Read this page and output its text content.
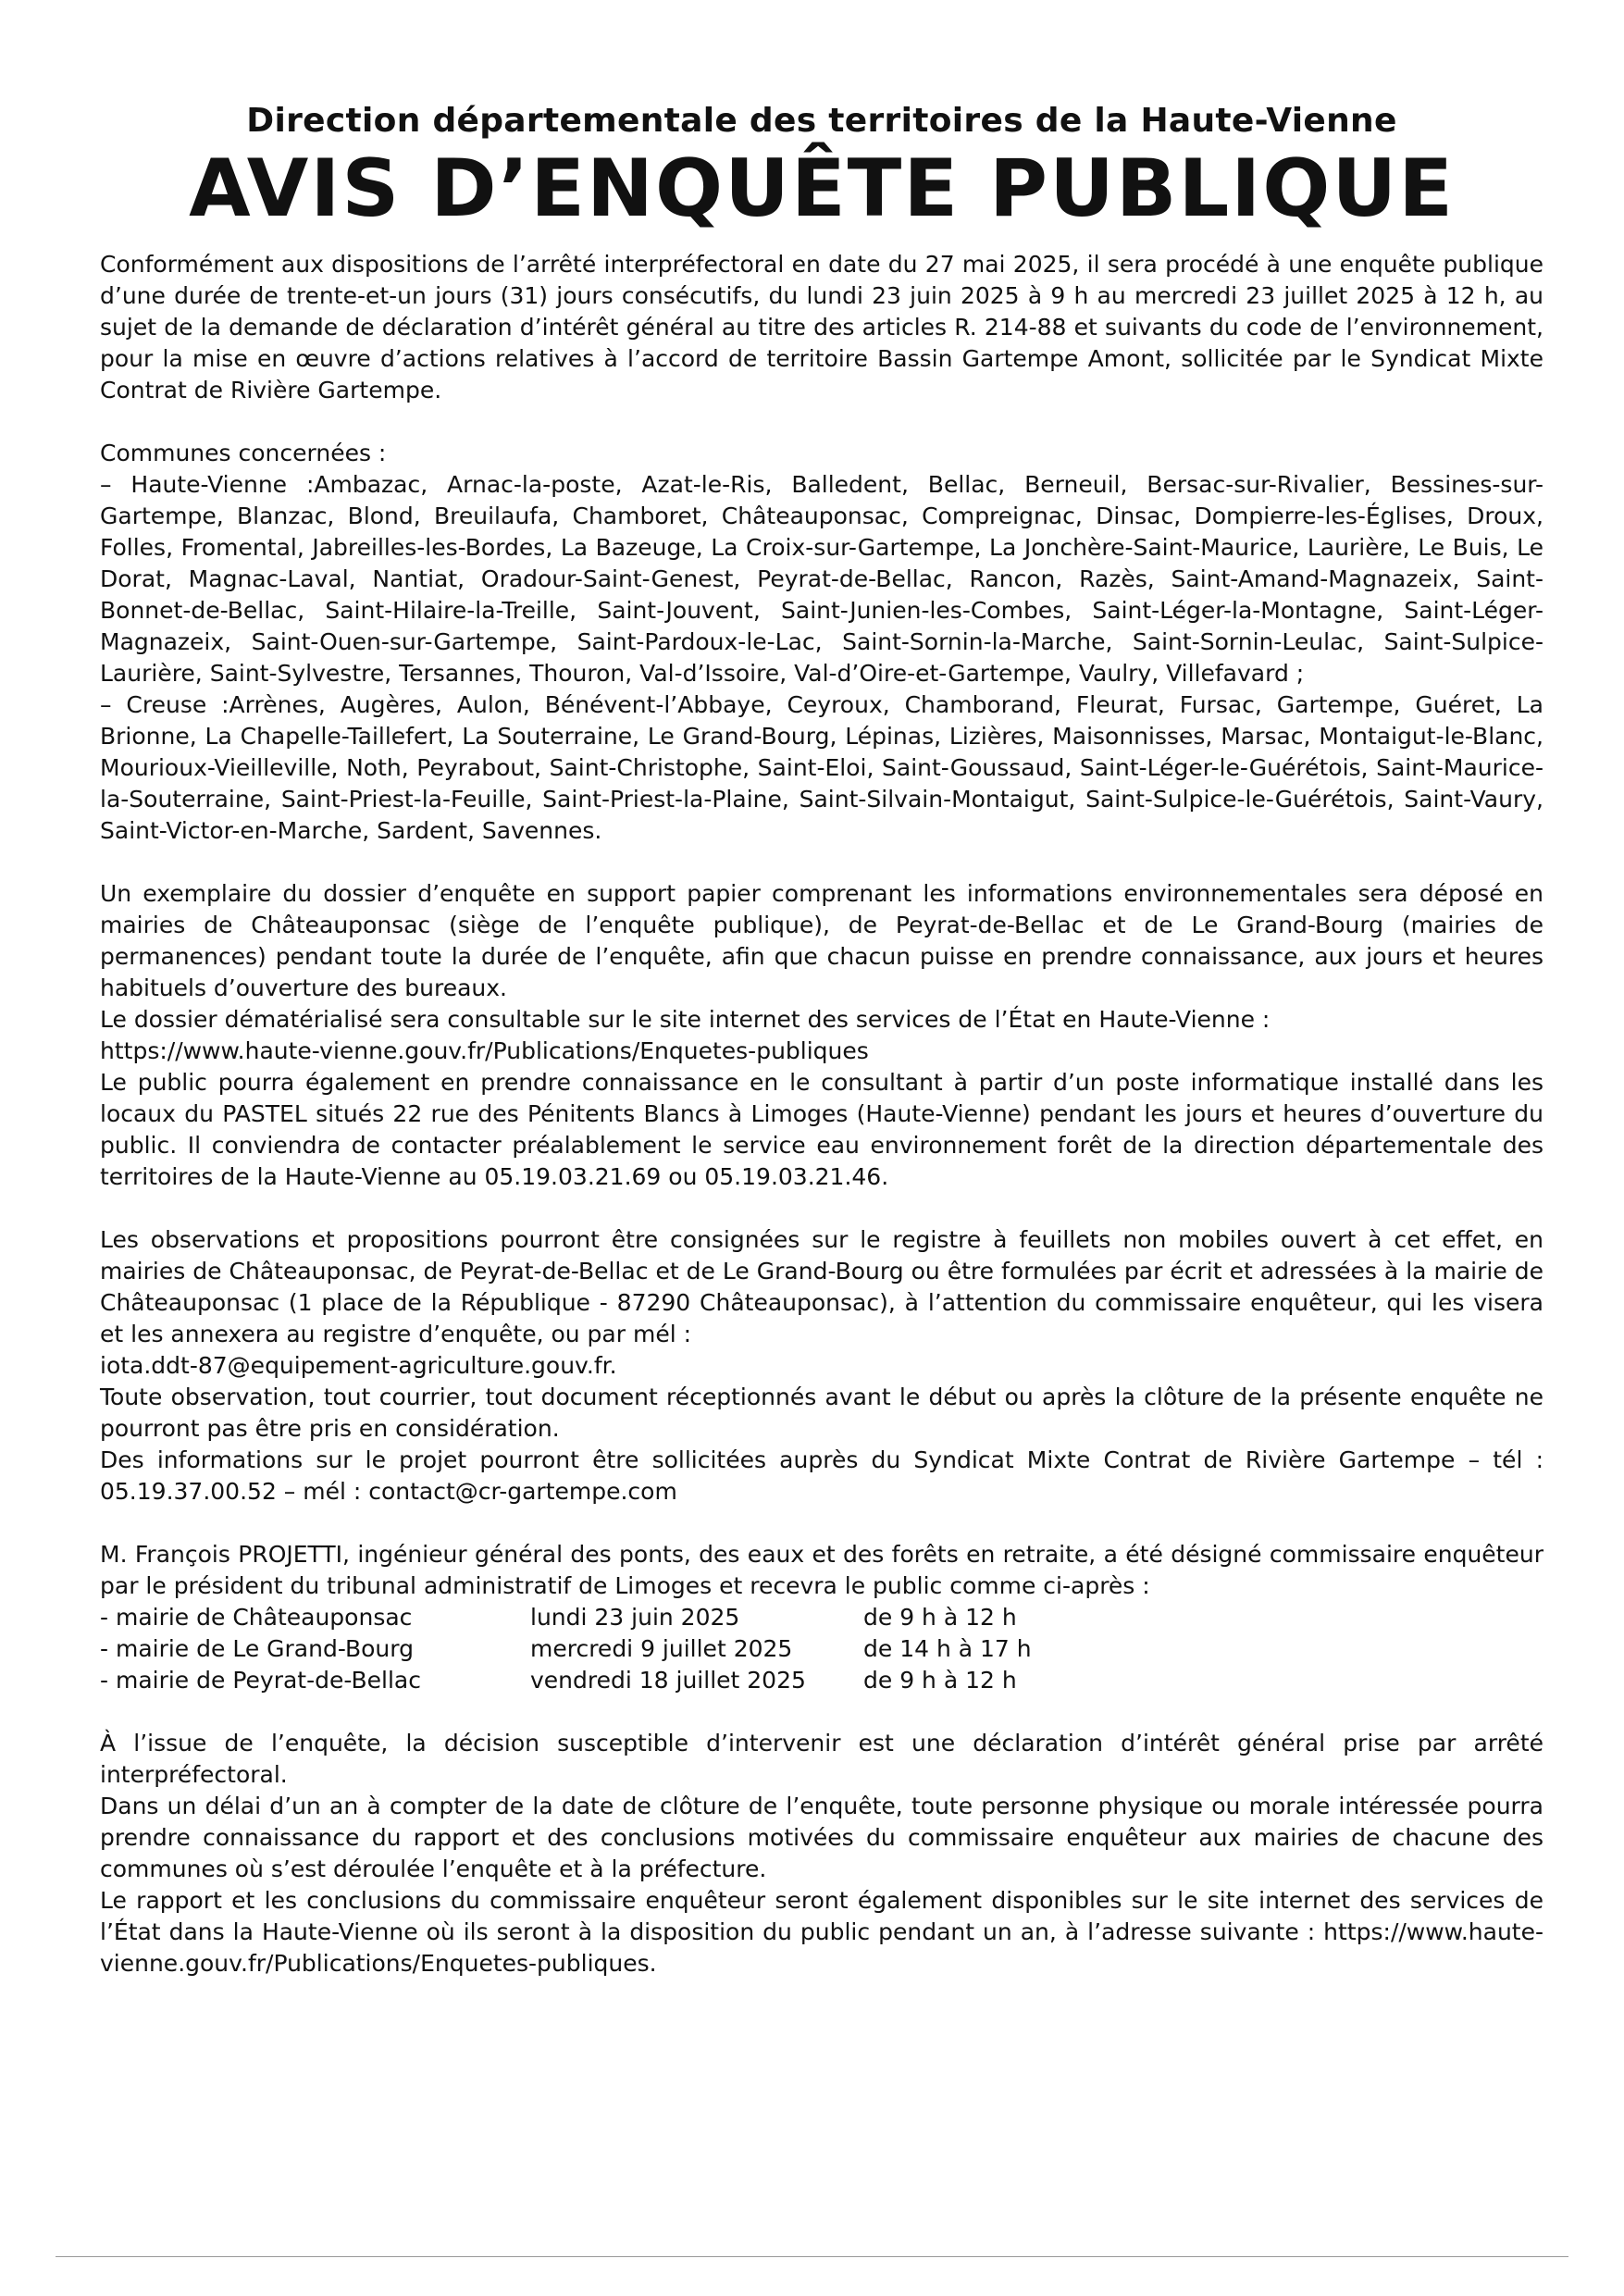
Direction départementale des territoires de la Haute-Vienne
AVIS D’ENQUÊTE PUBLIQUE

Conformément aux dispositions de l’arrêté interpréfectoral en date du 27 mai 2025, il sera procédé à une enquête publique d’une durée de trente-et-un jours (31) jours consécutifs, du lundi 23 juin 2025 à 9 h au mercredi 23 juillet 2025 à 12 h, au sujet de la demande de déclaration d’intérêt général au titre des articles R. 214-88 et suivants du code de l’environnement, pour la mise en œuvre d’actions relatives à l’accord de territoire Bassin Gartempe Amont, sollicitée par le Syndicat Mixte Contrat de Rivière Gartempe.

Communes concernées :

– Haute-Vienne :Ambazac, Arnac-la-poste, Azat-le-Ris, Balledent, Bellac, Berneuil, Bersac-sur-Rivalier, Bessines-sur-Gartempe, Blanzac, Blond, Breuilaufa, Chamboret, Châteauponsac, Compreignac, Dinsac, Dompierre-les-Églises, Droux, Folles, Fromental, Jabreilles-les-Bordes, La Bazeuge, La Croix-sur-Gartempe, La Jonchère-Saint-Maurice, Laurière, Le Buis, Le Dorat, Magnac-Laval, Nantiat, Oradour-Saint-Genest, Peyrat-de-Bellac, Rancon, Razès, Saint-Amand-Magnazeix, Saint-Bonnet-de-Bellac, Saint-Hilaire-la-Treille, Saint-Jouvent, Saint-Junien-les-Combes, Saint-Léger-la-Montagne, Saint-Léger-Magnazeix, Saint-Ouen-sur-Gartempe, Saint-Pardoux-le-Lac, Saint-Sornin-la-Marche, Saint-Sornin-Leulac, Saint-Sulpice-Laurière, Saint-Sylvestre, Tersannes, Thouron, Val-d’Issoire, Val-d’Oire-et-Gartempe, Vaulry, Villefavard ;

– Creuse :Arrènes, Augères, Aulon, Bénévent-l’Abbaye, Ceyroux, Chamborand, Fleurat, Fursac, Gartempe, Guéret, La Brionne, La Chapelle-Taillefert, La Souterraine, Le Grand-Bourg, Lépinas, Lizières, Maisonnisses, Marsac, Montaigut-le-Blanc, Mourioux-Vieilleville, Noth, Peyrabout, Saint-Christophe, Saint-Eloi, Saint-Goussaud, Saint-Léger-le-Guérétois, Saint-Maurice-la-Souterraine, Saint-Priest-la-Feuille, Saint-Priest-la-Plaine, Saint-Silvain-Montaigut, Saint-Sulpice-le-Guérétois, Saint-Vaury, Saint-Victor-en-Marche, Sardent, Savennes.

Un exemplaire du dossier d’enquête en support papier comprenant les informations environnementales sera déposé en mairies de Châteauponsac (siège de l’enquête publique), de Peyrat-de-Bellac et de Le Grand-Bourg (mairies de permanences) pendant toute la durée de l’enquête, afin que chacun puisse en prendre connaissance, aux jours et heures habituels d’ouverture des bureaux.

Le dossier dématérialisé sera consultable sur le site internet des services de l’État en Haute-Vienne :

https://www.haute-vienne.gouv.fr/Publications/Enquetes-publiques

Le public pourra également en prendre connaissance en le consultant à partir d’un poste informatique installé dans les locaux du PASTEL situés 22 rue des Pénitents Blancs à Limoges (Haute-Vienne) pendant les jours et heures d’ouverture du public. Il conviendra de contacter préalablement le service eau environnement forêt de la direction départementale des territoires de la Haute-Vienne au 05.19.03.21.69 ou 05.19.03.21.46.

Les observations et propositions pourront être consignées sur le registre à feuillets non mobiles ouvert à cet effet, en mairies de Châteauponsac, de Peyrat-de-Bellac et de Le Grand-Bourg ou être formulées par écrit et adressées à la mairie de Châteauponsac (1 place de la République - 87290 Châteauponsac), à l’attention du commissaire enquêteur, qui les visera et les annexera au registre d’enquête, ou par mél :

iota.ddt-87@equipement-agriculture.gouv.fr.

Toute observation, tout courrier, tout document réceptionnés avant le début ou après la clôture de la présente enquête ne pourront pas être pris en considération.

Des informations sur le projet pourront être sollicitées auprès du Syndicat Mixte Contrat de Rivière Gartempe – tél : 05.19.37.00.52 – mél : contact@cr-gartempe.com

M. François PROJETTI, ingénieur général des ponts, des eaux et des forêts en retraite, a été désigné commissaire enquêteur par le président du tribunal administratif de Limoges et recevra le public comme ci-après :

- mairie de Châteauponsac	lundi 23 juin 2025	de 9 h à 12 h
- mairie de Le Grand-Bourg	mercredi 9 juillet 2025	de 14 h à 17 h
- mairie de Peyrat-de-Bellac	vendredi 18 juillet 2025	de 9 h à 12 h

À l’issue de l’enquête, la décision susceptible d’intervenir est une déclaration d’intérêt général prise par arrêté interpréfectoral.

Dans un délai d’un an à compter de la date de clôture de l’enquête, toute personne physique ou morale intéressée pourra prendre connaissance du rapport et des conclusions motivées du commissaire enquêteur aux mairies de chacune des communes où s’est déroulée l’enquête et à la préfecture.

Le rapport et les conclusions du commissaire enquêteur seront également disponibles sur le site internet des services de l’État dans la Haute-Vienne où ils seront à la disposition du public pendant un an, à l’adresse suivante : https://www.haute-vienne.gouv.fr/Publications/Enquetes-publiques.
